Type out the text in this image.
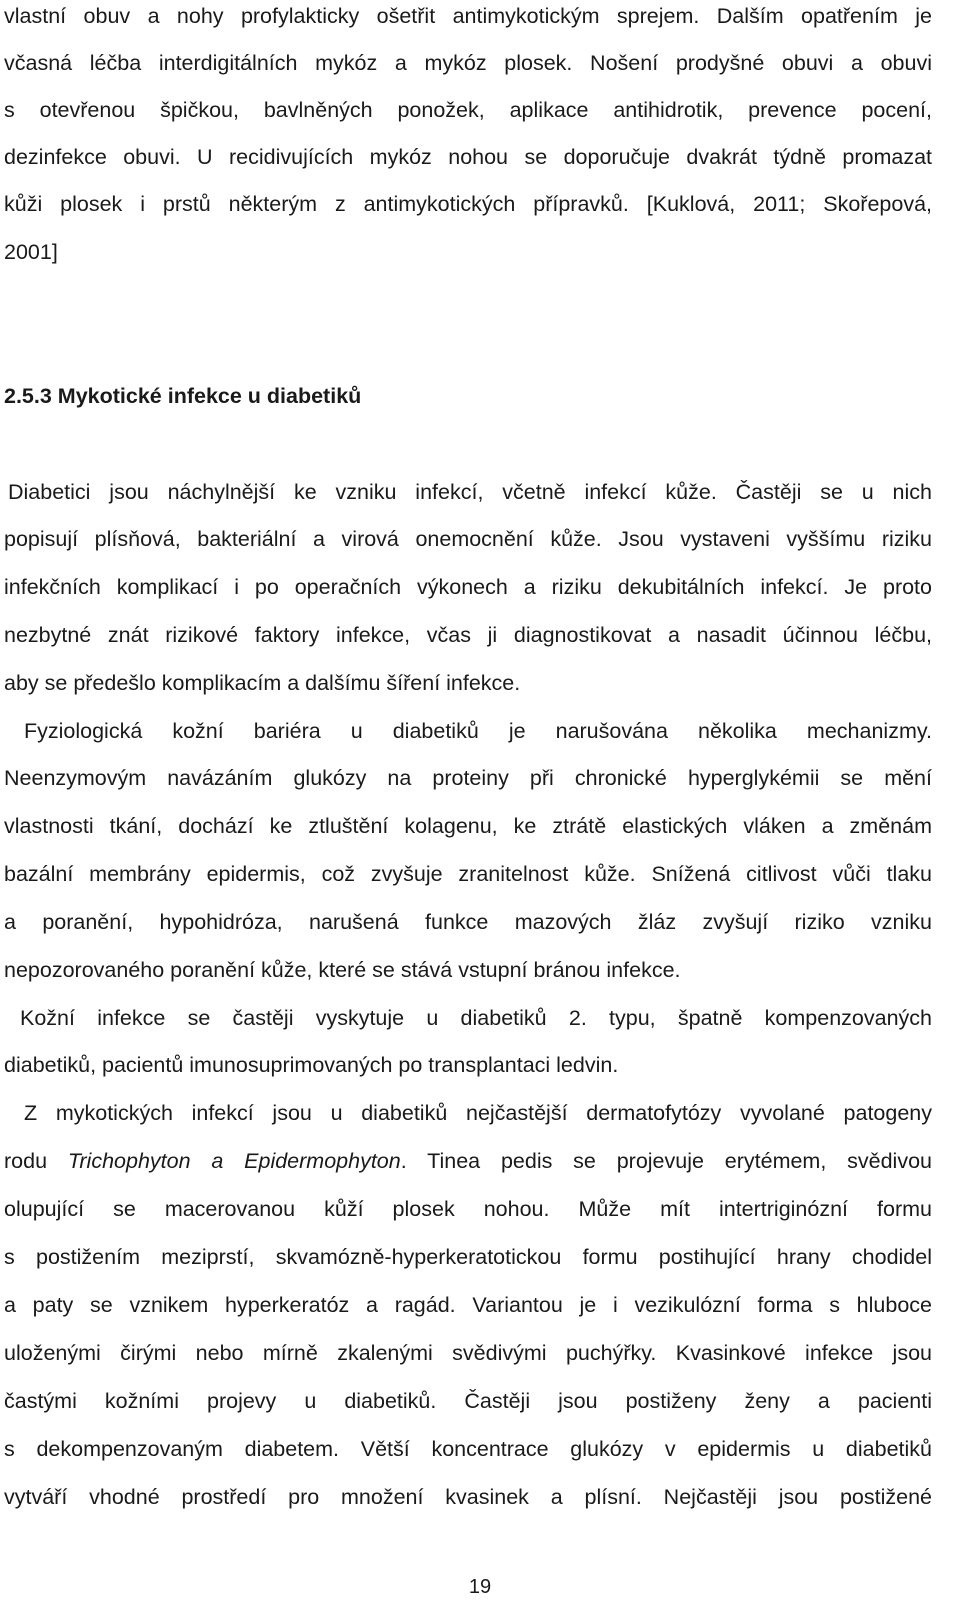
vlastní obuv a nohy profylakticky ošetřit antimykotickým sprejem. Dalším opatřením je
včasná léčba interdigitálních mykóz a mykóz plosek. Nošení prodyšné obuvi a obuvi
s otevřenou špičkou, bavlněných ponožek, aplikace antihidrotik, prevence pocení,
dezinfekce obuvi. U recidivujících mykóz nohou se doporučuje dvakrát týdně promazat
kůži plosek i prstů některým z antimykotických přípravků. [Kuklová, 2011; Skořepová,
2001]
2.5.3 Mykotické infekce u diabetiků
Diabetici jsou náchylnější ke vzniku infekcí, včetně infekcí kůže. Častěji se u nich
popisují plísňová, bakteriální a virová onemocnění kůže. Jsou vystaveni vyššímu riziku
infekčních komplikací i po operačních výkonech a riziku dekubitálních infekcí. Je proto
nezbytné znát rizikové faktory infekce, včas ji diagnostikovat a nasadit účinnou léčbu,
aby se předešlo komplikacím a dalšímu šíření infekce.
Fyziologická kožní bariéra u diabetiků je narušována několika mechanizmy.
Neenzymovým navázáním glukózy na proteiny při chronické hyperglykémii se mění
vlastnosti tkání, dochází ke ztluštění kolagenu, ke ztrátě elastických vláken a změnám
bazální membrány epidermis, což zvyšuje zranitelnost kůže. Snížená citlivost vůči tlaku
a poranění, hypohidróza, narušená funkce mazových žláz zvyšují riziko vzniku
nepozorovaného poranění kůže, které se stává vstupní bránou infekce.
Kožní infekce se častěji vyskytuje u diabetiků 2. typu, špatně kompenzovaných
diabetiků, pacientů imunosuprimovaných po transplantaci ledvin.
Z mykotických infekcí jsou u diabetiků nejčastější dermatofytózy vyvolané patogeny
rodu Trichophyton a Epidermophyton. Tinea pedis se projevuje erytémem, svědivou
olupující se macerovanou kůží plosek nohou. Může mít intertriginózní formu
s postižením meziprstí, skvamózně-hyperkeratotickou formu postihující hrany chodidel
a paty se vznikem hyperkeratóz a ragád. Variantou je i vezikulózní forma s hluboce
uloženými čirými nebo mírně zkalenými svědivými puchýřky. Kvasinkové infekce jsou
častými kožními projevy u diabetiků. Častěji jsou postiženy ženy a pacienti
s dekompenzovaným diabetem. Větší koncentrace glukózy v epidermis u diabetiků
vytváří vhodné prostředí pro množení kvasinek a plísní. Nejčastěji jsou postižené
19
